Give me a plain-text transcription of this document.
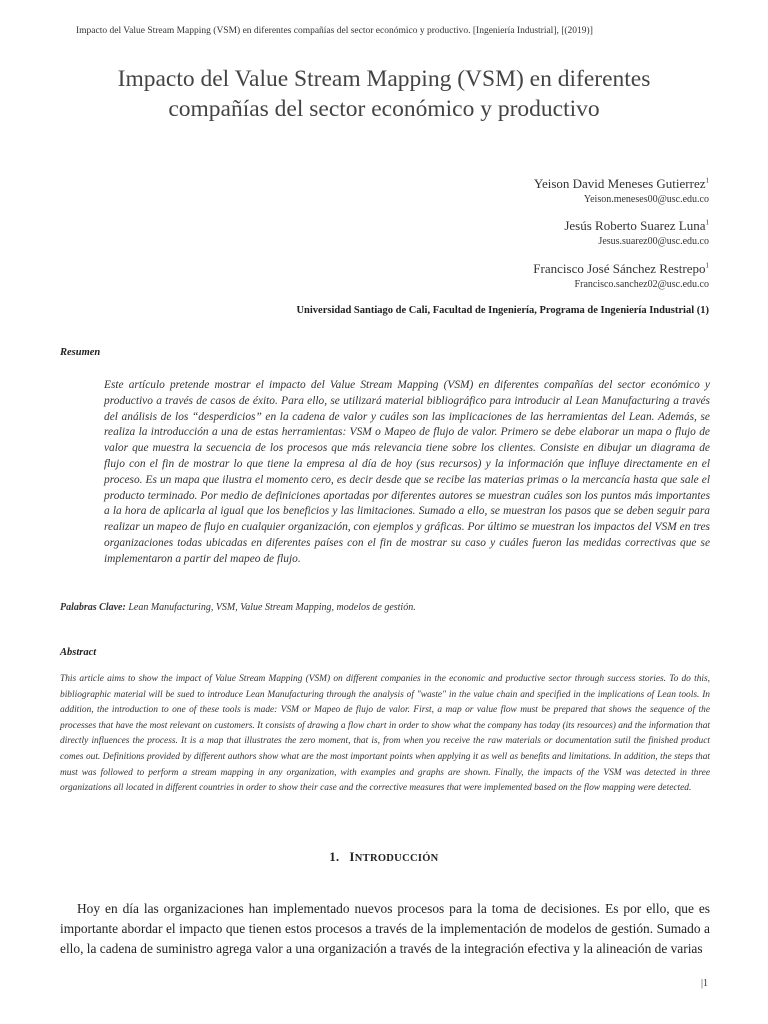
Impacto del Value Stream Mapping (VSM) en diferentes compañías del sector económico y productivo. [Ingeniería Industrial], [(2019)]
Impacto del Value Stream Mapping (VSM) en diferentes
compañías del sector económico y productivo
Yeison David Meneses Gutierrez$^1$
Yeison.meneses00@usc.edu.co
Jesús Roberto Suarez Luna$^1$
Jesus.suarez00@usc.edu.co
Francisco José Sánchez Restrepo$^1$
Francisco.sanchez02@usc.edu.co
Universidad Santiago de Cali, Facultad de Ingeniería, Programa de Ingeniería Industrial (1)
Resumen
Este artículo pretende mostrar el impacto del Value Stream Mapping (VSM) en diferentes compañías del sector económico y productivo a través de casos de éxito. Para ello, se utilizará material bibliográfico para introducir al Lean Manufacturing a través del análisis de los “desperdicios” en la cadena de valor y cuáles son las implicaciones de las herramientas del Lean. Además, se realiza la introducción a una de estas herramientas: VSM o Mapeo de flujo de valor. Primero se debe elaborar un mapa o flujo de valor que muestra la secuencia de los procesos que más relevancia tiene sobre los clientes. Consiste en dibujar un diagrama de flujo con el fin de mostrar lo que tiene la empresa al día de hoy (sus recursos) y la información que influye directamente en el proceso. Es un mapa que ilustra el momento cero, es decir desde que se recibe las materias primas o la mercancía hasta que sale el producto terminado. Por medio de definiciones aportadas por diferentes autores se muestran cuáles son los puntos más importantes a la hora de aplicarla al igual que los beneficios y las limitaciones. Sumado a ello, se muestran los pasos que se deben seguir para realizar un mapeo de flujo en cualquier organización, con ejemplos y gráficas. Por último se muestran los impactos del VSM en tres organizaciones todas ubicadas en diferentes países con el fin de mostrar su caso y cuáles fueron las medidas correctivas que se implementaron a partir del mapeo de flujo.
Palabras Clave: Lean Manufacturing, VSM, Value Stream Mapping, modelos de gestión.
Abstract
This article aims to show the impact of Value Stream Mapping (VSM) on different companies in the economic and productive sector through success stories. To do this, bibliographic material will be sued to introduce Lean Manufacturing through the analysis of "waste" in the value chain and specified in the implications of Lean tools. In addition, the introduction to one of these tools is made: VSM or Mapeo de flujo de valor. First, a map or value flow must be prepared that shows the sequence of the processes that have the most relevant on customers. It consists of drawing a flow chart in order to show what the company has today (its resources) and the information that directly influences the process. It is a map that illustrates the zero moment, that is, from when you receive the raw materials or documentation sutil the finished product comes out. Definitions provided by different authors show what are the most important points when applying it as well as benefits and limitations. In addition, the steps that must was followed to perform a stream mapping in any organization, with examples and graphs are shown. Finally, the impacts of the VSM was detected in three organizations all located in different countries in order to show their case and the corrective measures that were implemented based on the flow mapping were detected.
1. INTRODUCCIÓN
Hoy en día las organizaciones han implementado nuevos procesos para la toma de decisiones. Es por ello, que es importante abordar el impacto que tienen estos procesos a través de la implementación de modelos de gestión. Sumado a ello, la cadena de suministro agrega valor a una organización a través de la integración efectiva y la alineación de varias
|1
